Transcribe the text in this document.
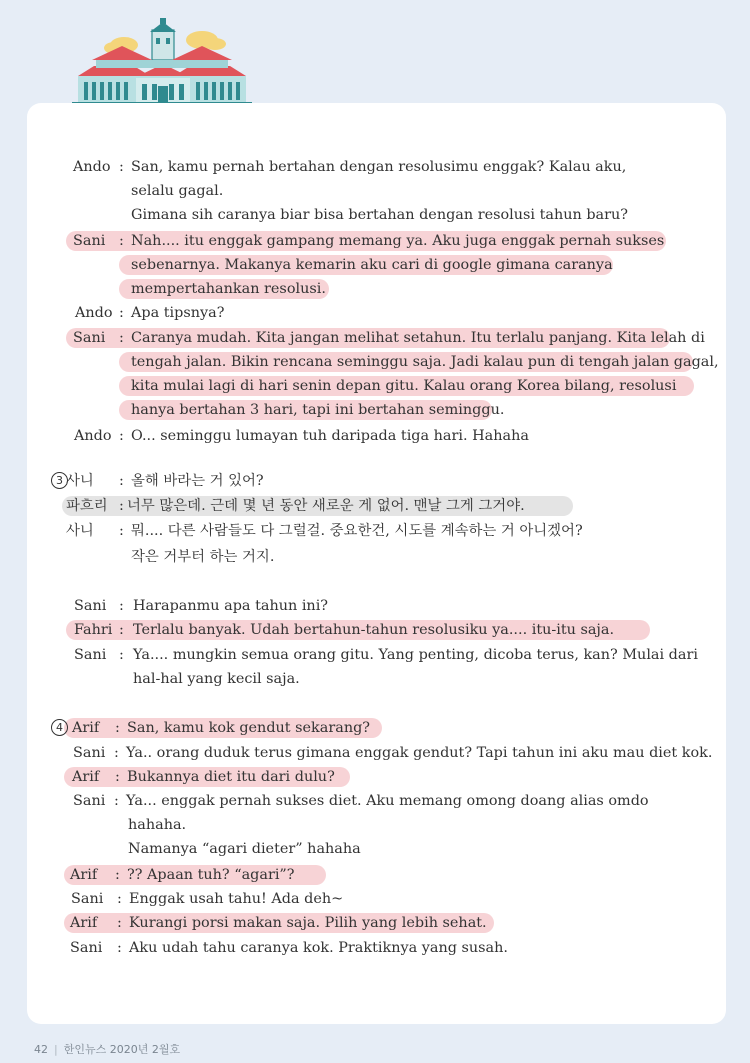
Ando : San, kamu pernah bertahan dengan resolusimu enggak? Kalau aku,
selalu gagal.
Gimana sih caranya biar bisa bertahan dengan resolusi tahun baru?
Sani : Nah.... itu enggak gampang memang ya. Aku juga enggak pernah sukses
sebenarnya. Makanya kemarin aku cari di google gimana caranya
mempertahankan resolusi.
Ando : Apa tipsnya?
Sani : Caranya mudah. Kita jangan melihat setahun. Itu terlalu panjang. Kita lelah di
tengah jalan. Bikin rencana seminggu saja. Jadi kalau pun di tengah jalan gagal,
kita mulai lagi di hari senin depan gitu. Kalau orang Korea bilang, resolusi
hanya bertahan 3 hari, tapi ini bertahan seminggu.
Ando : O... seminggu lumayan tuh daripada tiga hari. Hahaha
3 사니 : 올해 바라는 거 있어?
파흐리 : 너무 많은데. 근데 몇 년 동안 새로운 게 없어. 맨날 그게 그거야.
사니 : 뭐.... 다른 사람들도 다 그럴걸. 중요한건, 시도를 계속하는 거 아니겠어?
작은 거부터 하는 거지.
Sani : Harapanmu apa tahun ini?
Fahri : Terlalu banyak. Udah bertahun-tahun resolusiku ya.... itu-itu saja.
Sani : Ya.... mungkin semua orang gitu. Yang penting, dicoba terus, kan? Mulai dari
hal-hal yang kecil saja.
4 Arif : San, kamu kok gendut sekarang?
Sani : Ya.. orang duduk terus gimana enggak gendut? Tapi tahun ini aku mau diet kok.
Arif : Bukannya diet itu dari dulu?
Sani : Ya... enggak pernah sukses diet. Aku memang omong doang alias omdo
hahaha.
Namanya “agari dieter” hahaha
Arif : ?? Apaan tuh? “agari”?
Sani : Enggak usah tahu! Ada deh~
Arif : Kurangi porsi makan saja. Pilih yang lebih sehat.
Sani : Aku udah tahu caranya kok. Praktiknya yang susah.
42 | 한인뉴스 2020년 2월호
